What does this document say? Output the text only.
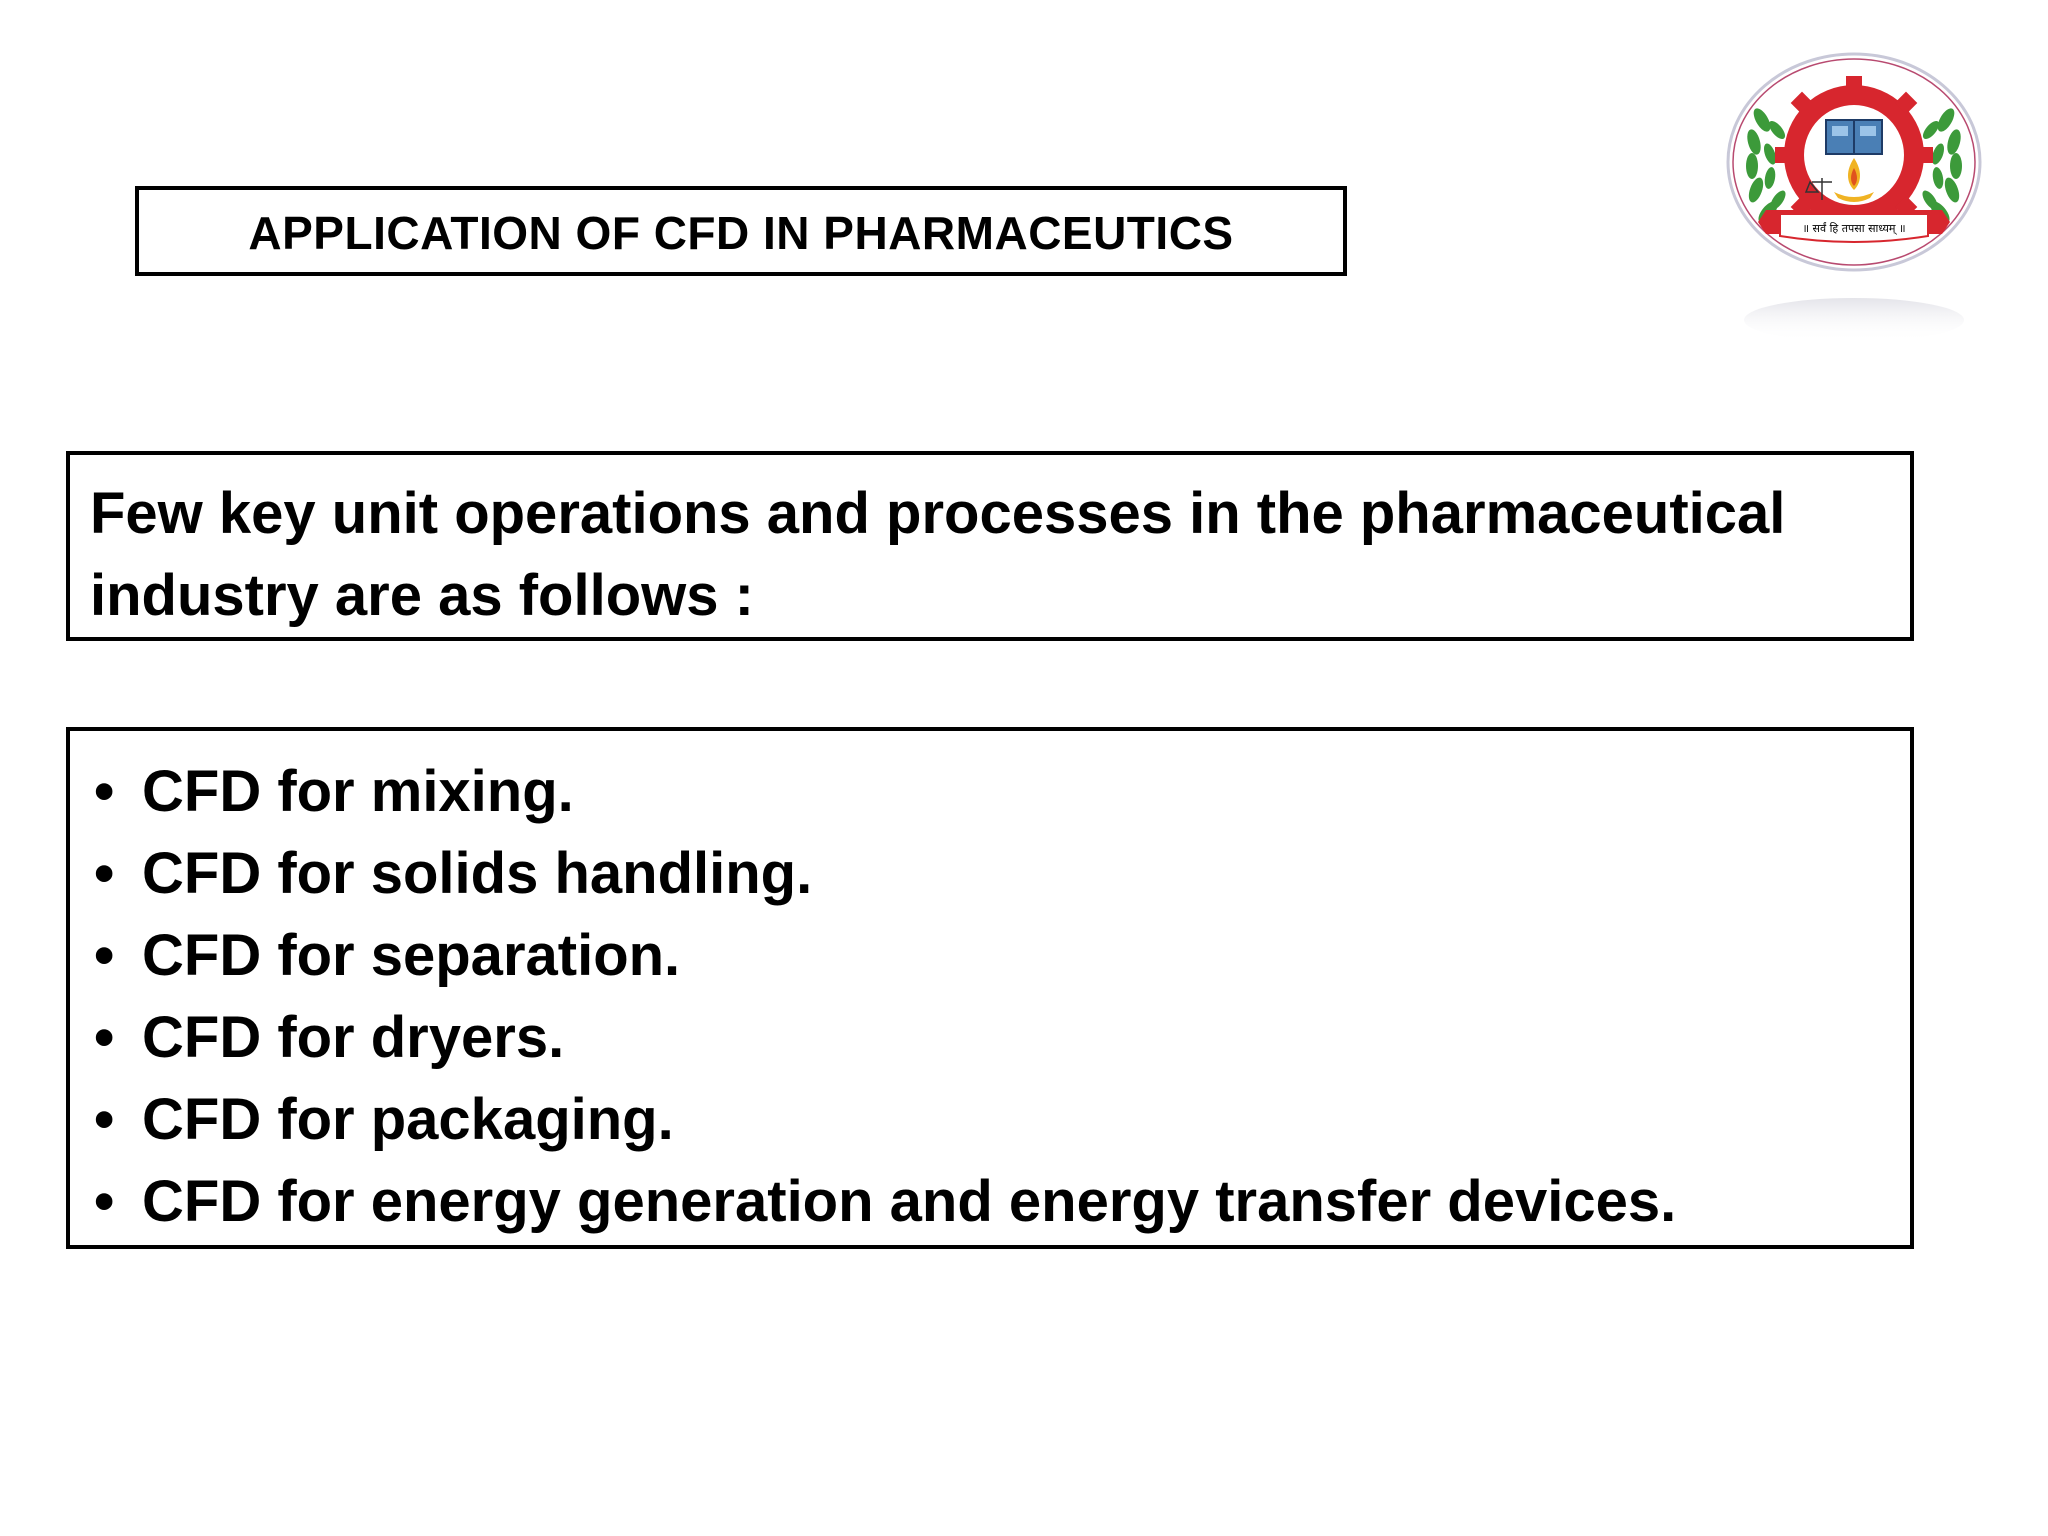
APPLICATION OF CFD IN PHARMACEUTICS

Few key unit operations and processes in the pharmaceutical industry are as follows :

• CFD for mixing.
• CFD for solids handling.
• CFD for separation.
• CFD for dryers.
• CFD for packaging.
• CFD for energy generation and energy transfer devices.
॥ सर्वं हि तपसा साध्यम् ॥
